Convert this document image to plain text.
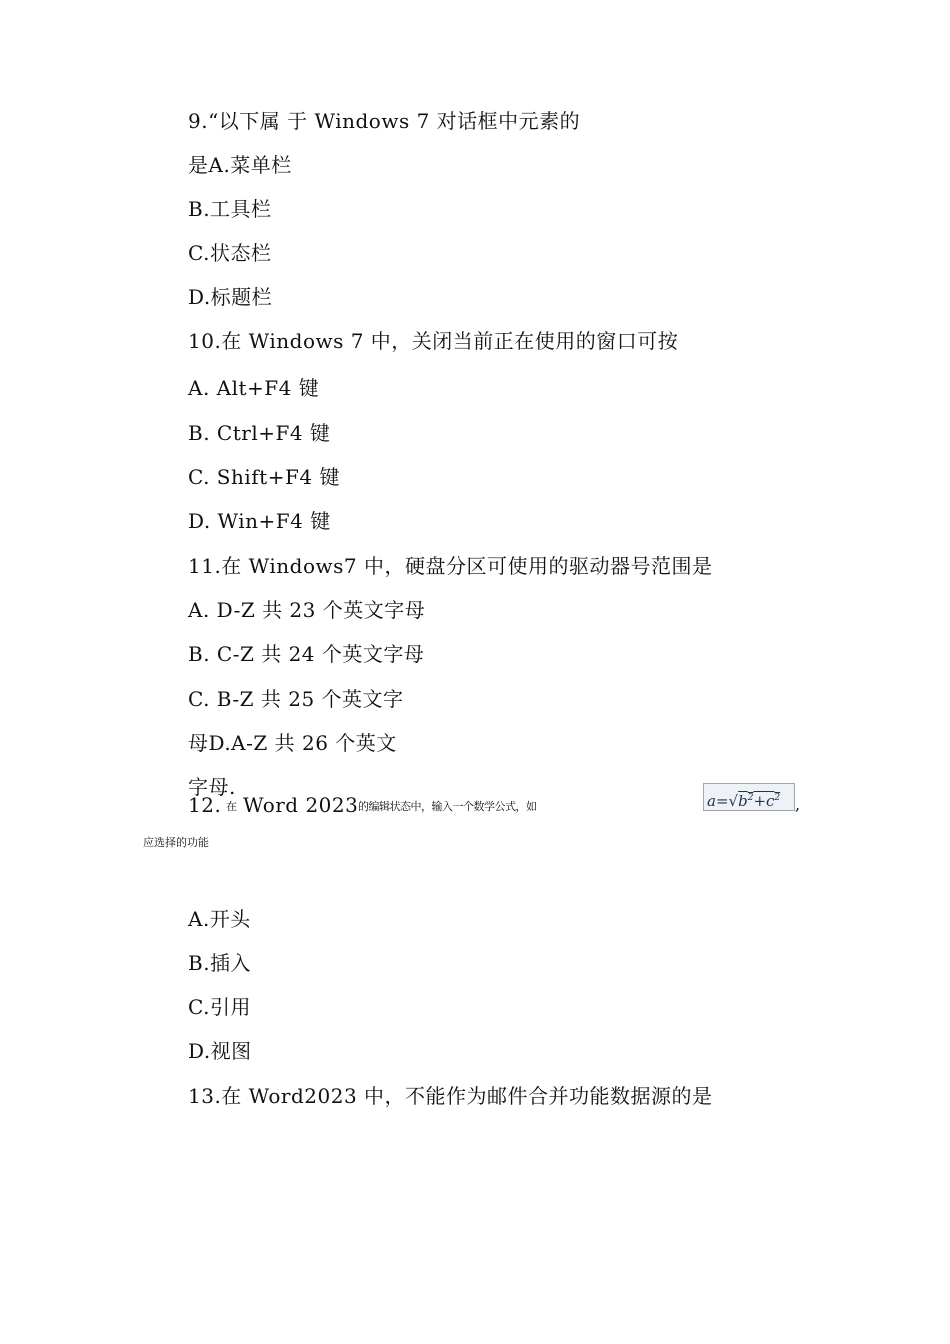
9.“以下属 于 Windows 7 对话框中元素的
是A.菜单栏
B.工具栏
C.状态栏
D.标题栏
10.在 Windows 7 中，关闭当前正在使用的窗口可按
A. Alt+F4 键
B. Ctrl+F4 键
C. Shift+F4 键
D. Win+F4 键
11.在 Windows7 中，硬盘分区可使用的驱动器号范围是
A. D-Z 共 23 个英文字母
B. C-Z 共 24 个英文字母
C. B-Z 共 25 个英文字
母D.A-Z 共 26 个英文
字母.
12. 在 Word 2023 的编辑状态中，输入一个数学公式，如	$a=√b^2+c^2$ ,
应选择的功能
A.开头
B.插入
C.引用
D.视图
13.在 Word2023 中，不能作为邮件合并功能数据源的是
